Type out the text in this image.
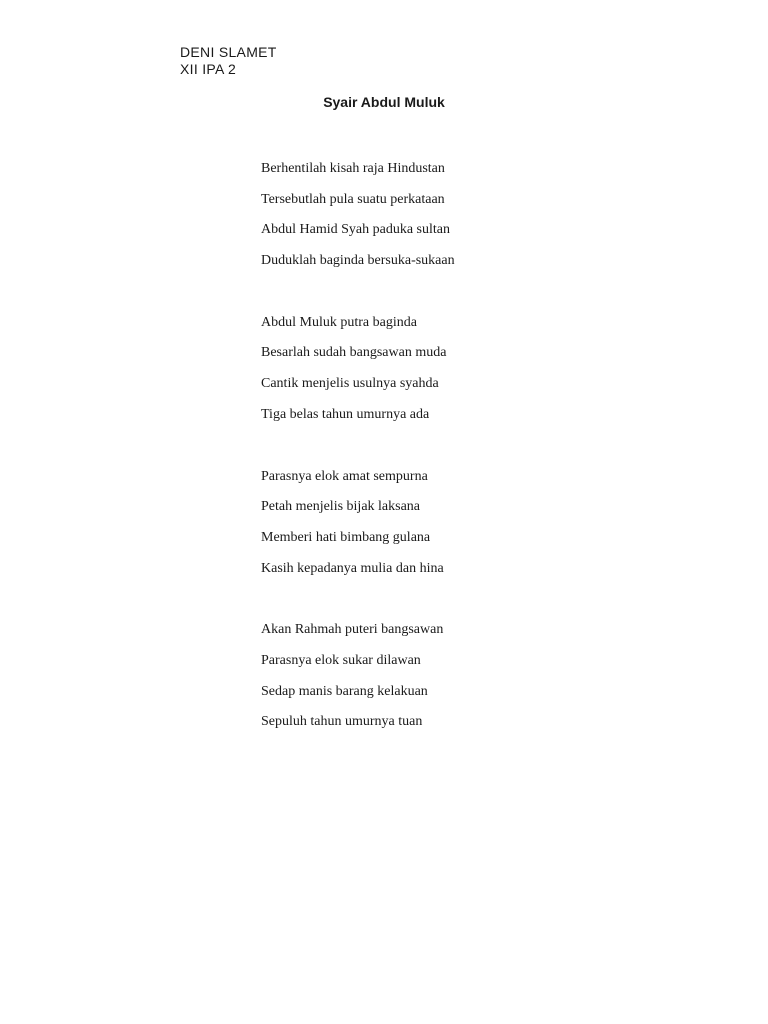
DENI SLAMET
XII IPA 2
Syair Abdul Muluk
Berhentilah kisah raja Hindustan
Tersebutlah pula suatu perkataan
Abdul Hamid Syah paduka sultan
Duduklah baginda bersuka-sukaan
Abdul Muluk putra baginda
Besarlah sudah bangsawan muda
Cantik menjelis usulnya syahda
Tiga belas tahun umurnya ada
Parasnya elok amat sempurna
Petah menjelis bijak laksana
Memberi hati bimbang gulana
Kasih kepadanya mulia dan hina
Akan Rahmah puteri bangsawan
Parasnya elok sukar dilawan
Sedap manis barang kelakuan
Sepuluh tahun umurnya tuan
